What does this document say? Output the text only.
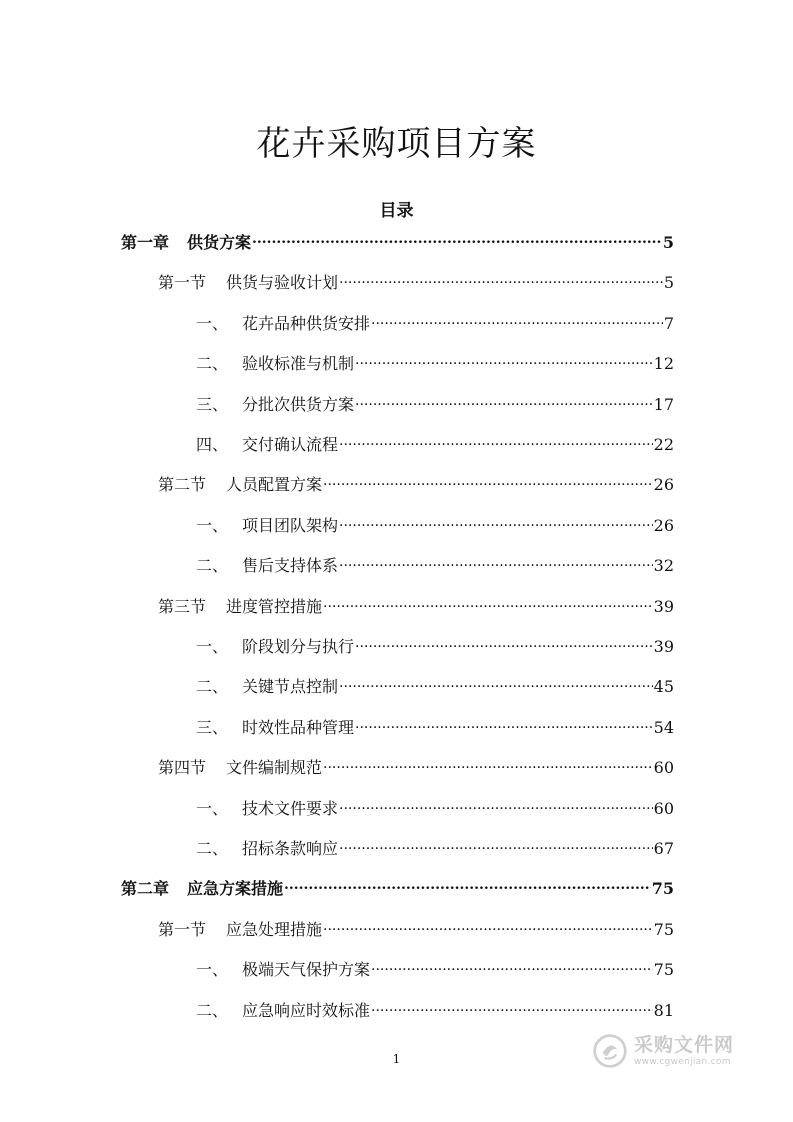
花卉采购项目方案
目录
第一章	供货方案 .....	5
第一节	供货与验收计划 .....	5
一、 花卉品种供货安排 .....	7
二、 验收标准与机制 .....	12
三、 分批次供货方案 .....	17
四、 交付确认流程 .....	22
第二节	人员配置方案 .....	26
一、 项目团队架构 .....	26
二、 售后支持体系 .....	32
第三节	进度管控措施 .....	39
一、 阶段划分与执行 .....	39
二、 关键节点控制 .....	45
三、 时效性品种管理 .....	54
第四节	文件编制规范 .....	60
一、 技术文件要求 .....	60
二、 招标条款响应 .....	67
第二章	应急方案措施 .....	75
第一节	应急处理措施 .....	75
一、 极端天气保护方案 .....	75
二、 应急响应时效标准 .....	81
1
采购文件网
www.cgwenjian.com
